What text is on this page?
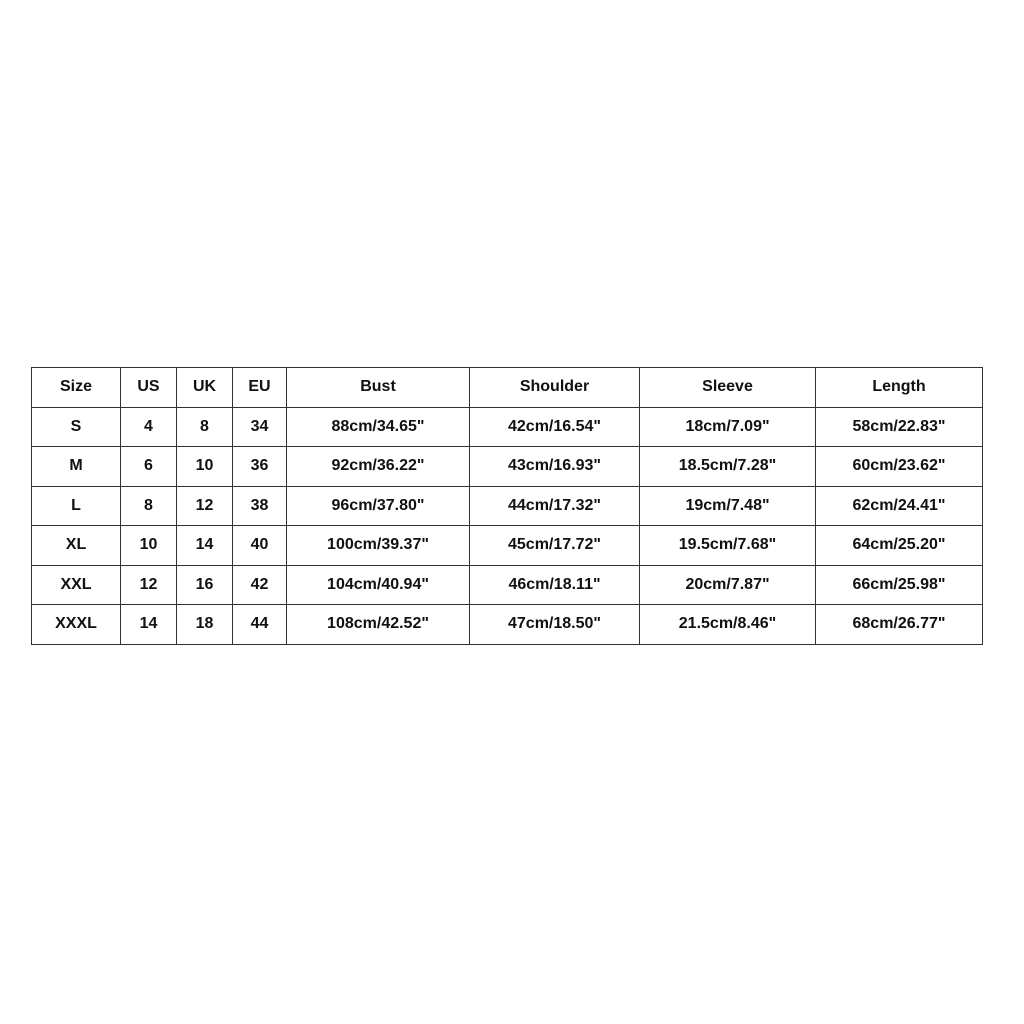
Size	US	UK	EU	Bust	Shoulder	Sleeve	Length
S	4	8	34	88cm/34.65"	42cm/16.54"	18cm/7.09"	58cm/22.83"
M	6	10	36	92cm/36.22"	43cm/16.93"	18.5cm/7.28"	60cm/23.62"
L	8	12	38	96cm/37.80"	44cm/17.32"	19cm/7.48"	62cm/24.41"
XL	10	14	40	100cm/39.37"	45cm/17.72"	19.5cm/7.68"	64cm/25.20"
XXL	12	16	42	104cm/40.94"	46cm/18.11"	20cm/7.87"	66cm/25.98"
XXXL	14	18	44	108cm/42.52"	47cm/18.50"	21.5cm/8.46"	68cm/26.77"
